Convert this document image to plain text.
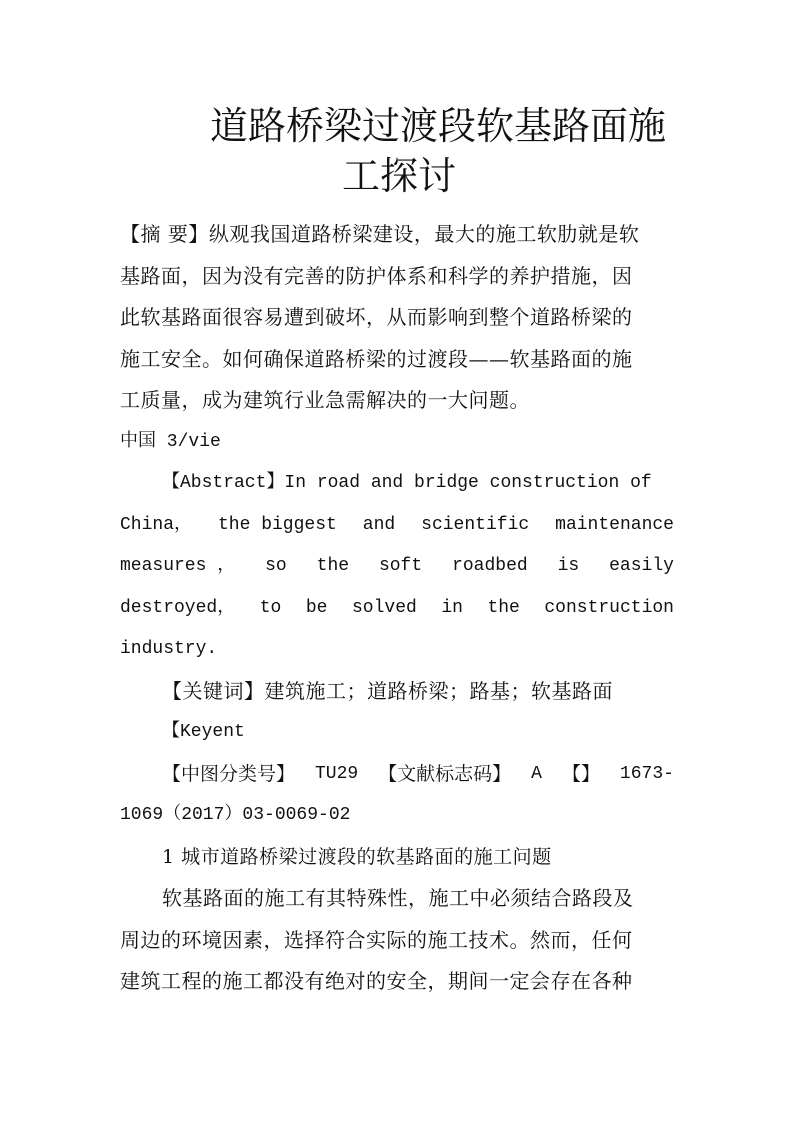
道路桥梁过渡段软基路面施
工探讨
【摘 要】纵观我国道路桥梁建设，最大的施工软肋就是软
基路面，因为没有完善的防护体系和科学的养护措施，因
此软基路面很容易遭到破坏，从而影响到整个道路桥梁的
施工安全。如何确保道路桥梁的过渡段——软基路面的施
工质量，成为建筑行业急需解决的一大问题。
中国 3/vie
【Abstract】In road and bridge construction of
China， the biggest and scientific maintenance
measures ， so the soft roadbed is easily
destroyed， to be solved in the construction
industry.
【关键词】建筑施工；道路桥梁；路基；软基路面
【Keyent
【中图分类号】 TU29 【文献标志码】 A 【】 1673-
1069（2017）03-0069-02
1 城市道路桥梁过渡段的软基路面的施工问题
软基路面的施工有其特殊性，施工中必须结合路段及
周边的环境因素，选择符合实际的施工技术。然而，任何
建筑工程的施工都没有绝对的安全，期间一定会存在各种
